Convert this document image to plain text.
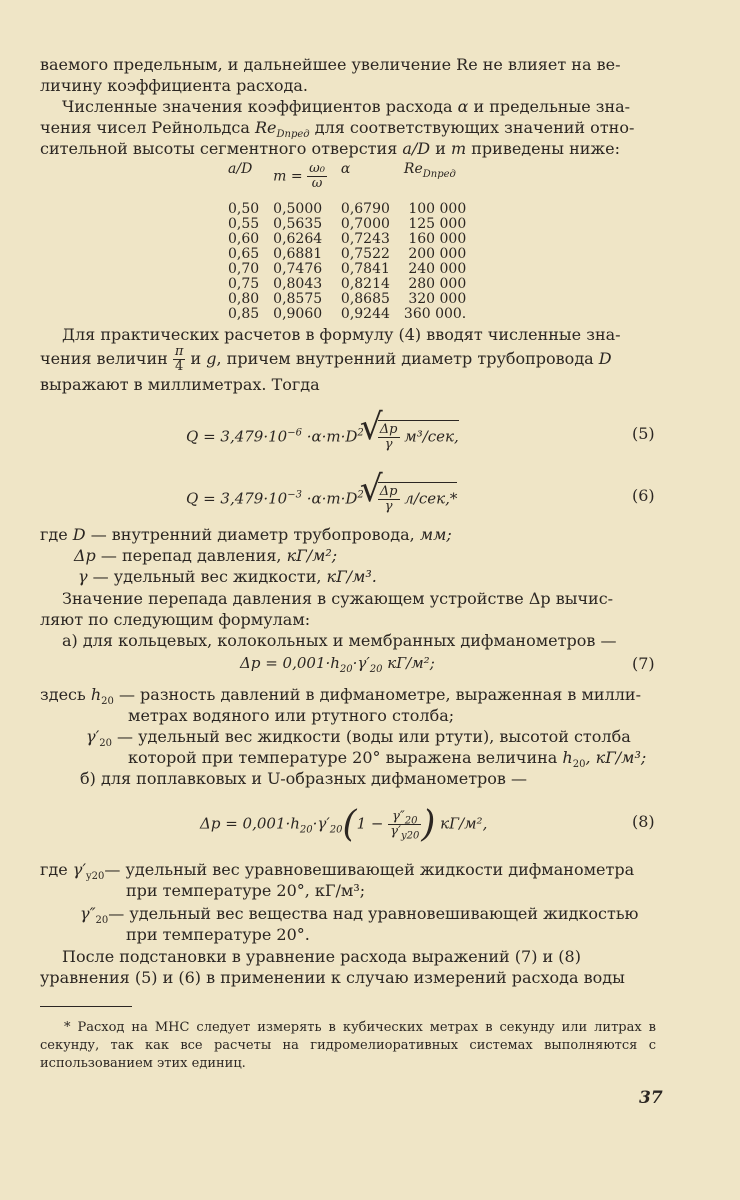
ваемого предельным, и дальнейшее увеличение Re не влияет на ве-

личину коэффициента расхода.

Численные значения коэффициентов расхода α и предельные зна-

чения чисел Рейнольдса $Re_{Dпред}$ для соответствующих значений отно-

сительной высоты сегментного отверстия a/D и m приведены ниже:

a/D	$m = \frac{\text{ω₀}}{\omega}$	α	$Re_{Dпред}$
0,50	0,5000	0,6790	100 000
0,55	0,5635	0,7000	125 000
0,60	0,6264	0,7243	160 000
0,65	0,6881	0,7522	200 000
0,70	0,7476	0,7841	240 000
0,75	0,8043	0,8214	280 000
0,80	0,8575	0,8685	320 000
0,85	0,9060	0,9244	360 000.

Для практических расчетов в формулу (4) вводят численные зна-

чения величин $\frac{\pi}{4}$ и g, причем внутренний диаметр трубопровода D

выражают в миллиметрах. Тогда

$Q = 3,479\cdot 10^{-6} \cdot\alpha\cdot m\cdot D^2$ √ $\frac{\Delta p}{\gamma} м^3/сек$,	(5)
$Q = 3,479\cdot 10^{-3} \cdot\alpha\cdot m\cdot D^2$ √ $\frac{\Delta p}{\gamma} л/сек,*$	(6)
где D — внутренний диаметр трубопровода, мм;
Δp — перепад давления, кГ/м²;
γ — удельный вес жидкости, кГ/м³.

Значение перепада давления в сужающем устройстве Δp вычис-

ляют по следующим формулам:

а) для кольцевых, колокольных и мембранных дифманометров —

$\Delta p = 0,001\cdot h_{20}\cdot\gamma'_{20}$ кГ/м²;	(7)
здесь $h_{20}$ — разность давлений в дифманометре, выраженная в милли-
метрах водяного или ртутного столба;
$\gamma'_{20}$ — удельный вес жидкости (воды или ртути), высотой столба
которой при температуре 20° выражена величина $h_{20}$, кГ/м³;
б) для поплавковых и U-образных дифманометров —
$\Delta p = 0,001\cdot h_{20}\cdot\gamma'_{20}(1 - \frac{\gamma''_{20}}{\gamma'_{y20}}$ ) кГ/м²,	(8)
где $\gamma'_{y20}—$ удельный вес уравновешивающей жидкости дифманометра
при температуре 20°, кГ/м³;
$\gamma''_{20}—$ удельный вес вещества над уравновешивающей жидкостью
при температуре 20°.

После подстановки в уравнение расхода выражений (7) и (8)

уравнения (5) и (6) в применении к случаю измерений расхода воды

* Расход на МНС следует измерять в кубических метрах в секунду или литрах в секунду, так как все расчеты на гидромелиоративных системах выполняются с использованием этих единиц.
37
